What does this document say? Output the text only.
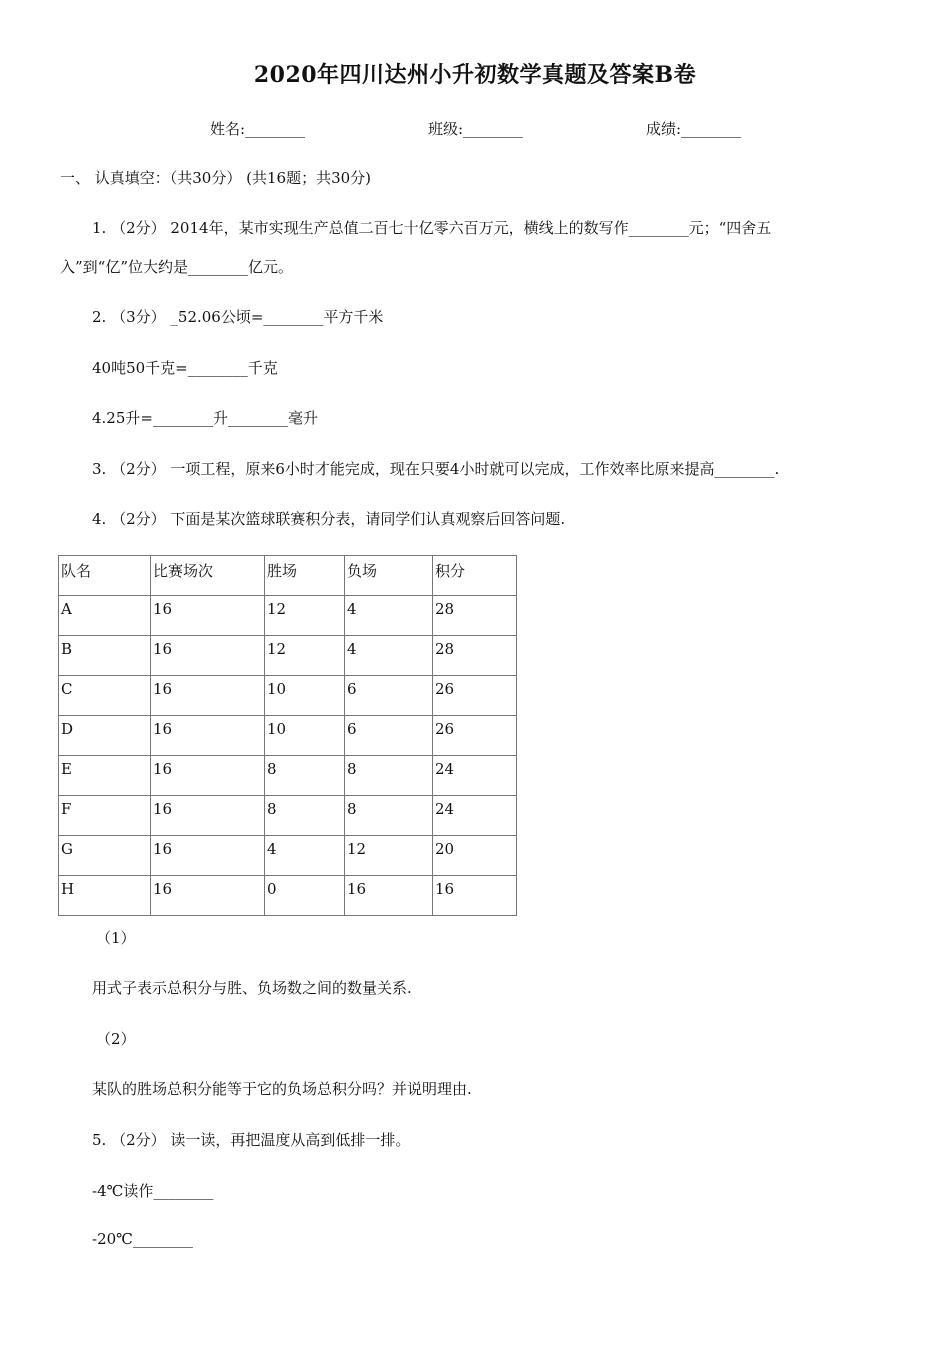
2020年四川达州小升初数学真题及答案B卷
姓名:________	班级:________	成绩:________
一、 认真填空：（共30分） (共16题；共30分)
1. （2分） 2014年，某市实现生产总值二百七十亿零六百万元，横线上的数写作________元；“四舍五
入”到“亿”位大约是________亿元。
2. （3分） _52.06公顷=________平方千米
40吨50千克=________千克
4.25升=________升________毫升
3. （2分） 一项工程，原来6小时才能完成，现在只要4小时就可以完成，工作效率比原来提高________.
4. （2分） 下面是某次篮球联赛积分表，请同学们认真观察后回答问题.
队名	比赛场次	胜场	负场	积分
A	16	12	4	28
B	16	12	4	28
C	16	10	6	26
D	16	10	6	26
E	16	8	8	24
F	16	8	8	24
G	16	4	12	20
H	16	0	16	16
（1）
用式子表示总积分与胜、负场数之间的数量关系.
（2）
某队的胜场总积分能等于它的负场总积分吗？并说明理由.
5. （2分） 读一读，再把温度从高到低排一排。
-4℃读作________
-20℃________
